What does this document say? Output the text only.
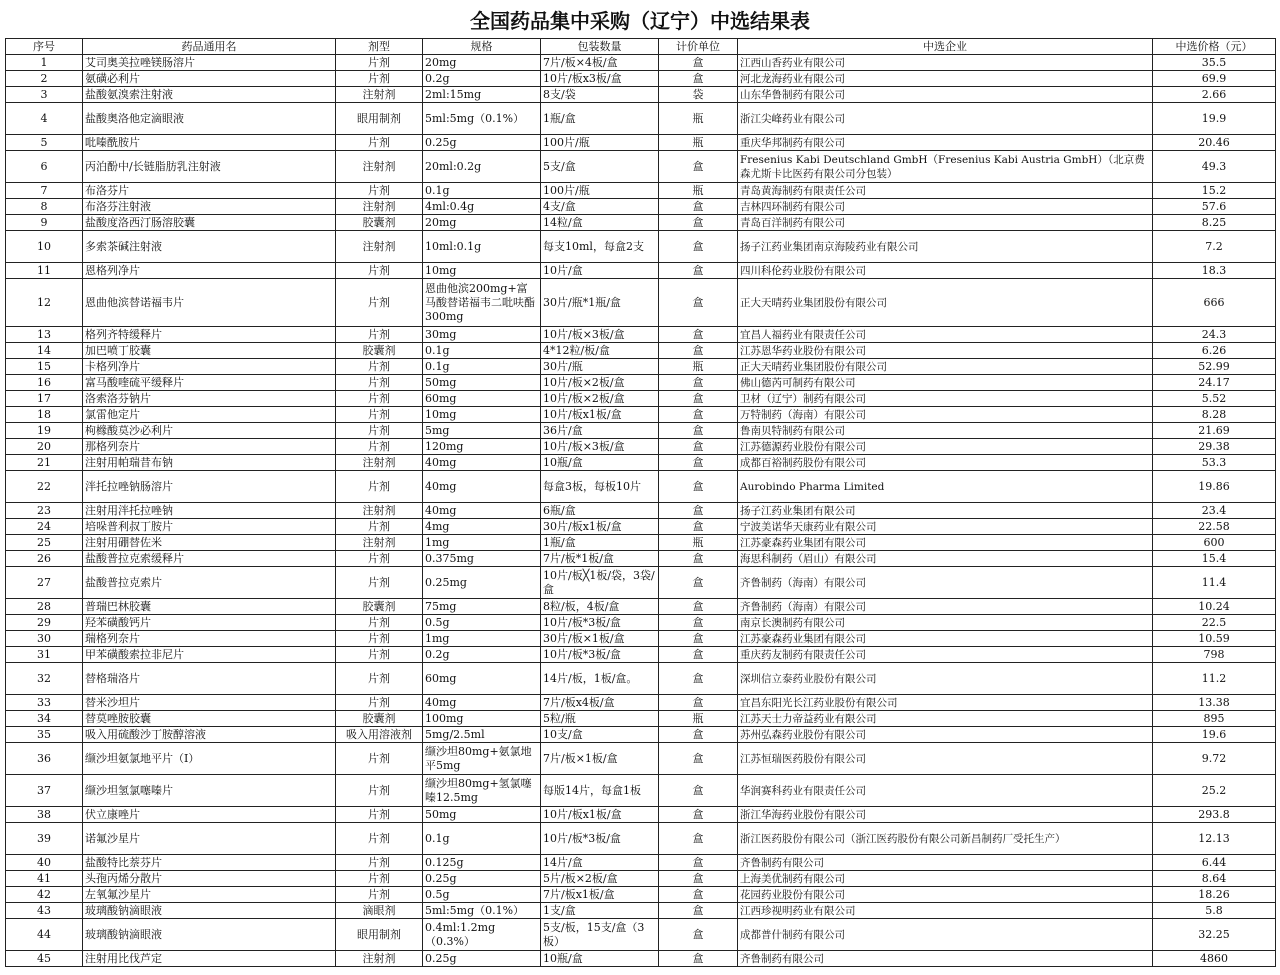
全国药品集中采购（辽宁）中选结果表
序号	药品通用名	剂型	规格	包装数量	计价单位	中选企业	中选价格（元）
1	艾司奥美拉唑镁肠溶片	片剂	20mg	7片/板×4板/盒	盒	江西山香药业有限公司	35.5
2	氨磺必利片	片剂	0.2g	10片/板x3板/盒	盒	河北龙海药业有限公司	69.9
3	盐酸氨溴索注射液	注射剂	2ml:15mg	8支/袋	袋	山东华鲁制药有限公司	2.66
4	盐酸奥洛他定滴眼液	眼用制剂	5ml:5mg（0.1%）	1瓶/盒	瓶	浙江尖峰药业有限公司	19.9
5	吡嗪酰胺片	片剂	0.25g	100片/瓶	瓶	重庆华邦制药有限公司	20.46
6	丙泊酚中/长链脂肪乳注射液	注射剂	20ml:0.2g	5支/盒	盒	Fresenius Kabi Deutschland GmbH（Fresenius Kabi Austria GmbH）（北京费森尤斯卡比医药有限公司分包装）	49.3
7	布洛芬片	片剂	0.1g	100片/瓶	瓶	青岛黄海制药有限责任公司	15.2
8	布洛芬注射液	注射剂	4ml:0.4g	4支/盒	盒	吉林四环制药有限公司	57.6
9	盐酸度洛西汀肠溶胶囊	胶囊剂	20mg	14粒/盒	盒	青岛百洋制药有限公司	8.25
10	多索茶碱注射液	注射剂	10ml:0.1g	每支10ml，每盒2支	盒	扬子江药业集团南京海陵药业有限公司	7.2
11	恩格列净片	片剂	10mg	10片/盒	盒	四川科伦药业股份有限公司	18.3
12	恩曲他滨替诺福韦片	片剂	恩曲他滨200mg+富马酸替诺福韦二吡呋酯300mg	30片/瓶*1瓶/盒	盒	正大天晴药业集团股份有限公司	666
13	格列齐特缓释片	片剂	30mg	10片/板×3板/盒	盒	宜昌人福药业有限责任公司	24.3
14	加巴喷丁胶囊	胶囊剂	0.1g	4*12粒/板/盒	盒	江苏恩华药业股份有限公司	6.26
15	卡格列净片	片剂	0.1g	30片/瓶	瓶	正大天晴药业集团股份有限公司	52.99
16	富马酸喹硫平缓释片	片剂	50mg	10片/板×2板/盒	盒	佛山德芮可制药有限公司	24.17
17	洛索洛芬钠片	片剂	60mg	10片/板×2板/盒	盒	卫材（辽宁）制药有限公司	5.52
18	氯雷他定片	片剂	10mg	10片/板x1板/盒	盒	万特制药（海南）有限公司	8.28
19	枸橼酸莫沙必利片	片剂	5mg	36片/盒	盒	鲁南贝特制药有限公司	21.69
20	那格列奈片	片剂	120mg	10片/板×3板/盒	盒	江苏德源药业股份有限公司	29.38
21	注射用帕瑞昔布钠	注射剂	40mg	10瓶/盒	盒	成都百裕制药股份有限公司	53.3
22	泮托拉唑钠肠溶片	片剂	40mg	每盒3板，每板10片	盒	Aurobindo Pharma Limited	19.86
23	注射用泮托拉唑钠	注射剂	40mg	6瓶/盒	盒	扬子江药业集团有限公司	23.4
24	培哚普利叔丁胺片	片剂	4mg	30片/板x1板/盒	盒	宁波美诺华天康药业有限公司	22.58
25	注射用硼替佐米	注射剂	1mg	1瓶/盒	瓶	江苏豪森药业集团有限公司	600
26	盐酸普拉克索缓释片	片剂	0.375mg	7片/板*1板/盒	盒	海思科制药（眉山）有限公司	15.4
27	盐酸普拉克索片	片剂	0.25mg	10片/板╳1板/袋，3袋/盒	盒	齐鲁制药（海南）有限公司	11.4
28	普瑞巴林胶囊	胶囊剂	75mg	8粒/板，4板/盒	盒	齐鲁制药（海南）有限公司	10.24
29	羟苯磺酸钙片	片剂	0.5g	10片/板*3板/盒	盒	南京长澳制药有限公司	22.5
30	瑞格列奈片	片剂	1mg	30片/板×1板/盒	盒	江苏豪森药业集团有限公司	10.59
31	甲苯磺酸索拉非尼片	片剂	0.2g	10片/板*3板/盒	盒	重庆药友制药有限责任公司	798
32	替格瑞洛片	片剂	60mg	14片/板，1板/盒。	盒	深圳信立泰药业股份有限公司	11.2
33	替米沙坦片	片剂	40mg	7片/板x4板/盒	盒	宜昌东阳光长江药业股份有限公司	13.38
34	替莫唑胺胶囊	胶囊剂	100mg	5粒/瓶	瓶	江苏天士力帝益药业有限公司	895
35	吸入用硫酸沙丁胺醇溶液	吸入用溶液剂	5mg/2.5ml	10支/盒	盒	苏州弘森药业股份有限公司	19.6
36	缬沙坦氨氯地平片（I）	片剂	缬沙坦80mg+氨氯地平5mg	7片/板×1板/盒	盒	江苏恒瑞医药股份有限公司	9.72
37	缬沙坦氢氯噻嗪片	片剂	缬沙坦80mg+氢氯噻嗪12.5mg	每版14片，每盒1板	盒	华润赛科药业有限责任公司	25.2
38	伏立康唑片	片剂	50mg	10片/板x1板/盒	盒	浙江华海药业股份有限公司	293.8
39	诺氟沙星片	片剂	0.1g	10片/板*3板/盒	盒	浙江医药股份有限公司（浙江医药股份有限公司新昌制药厂受托生产）	12.13
40	盐酸特比萘芬片	片剂	0.125g	14片/盒	盒	齐鲁制药有限公司	6.44
41	头孢丙烯分散片	片剂	0.25g	5片/板×2板/盒	盒	上海美优制药有限公司	8.64
42	左氧氟沙星片	片剂	0.5g	7片/板x1板/盒	盒	花园药业股份有限公司	18.26
43	玻璃酸钠滴眼液	滴眼剂	5ml:5mg（0.1%）	1支/盒	盒	江西珍视明药业有限公司	5.8
44	玻璃酸钠滴眼液	眼用制剂	0.4ml:1.2mg（0.3%）	5支/板，15支/盒（3板）	盒	成都普什制药有限公司	32.25
45	注射用比伐芦定	注射剂	0.25g	10瓶/盒	盒	齐鲁制药有限公司	4860
